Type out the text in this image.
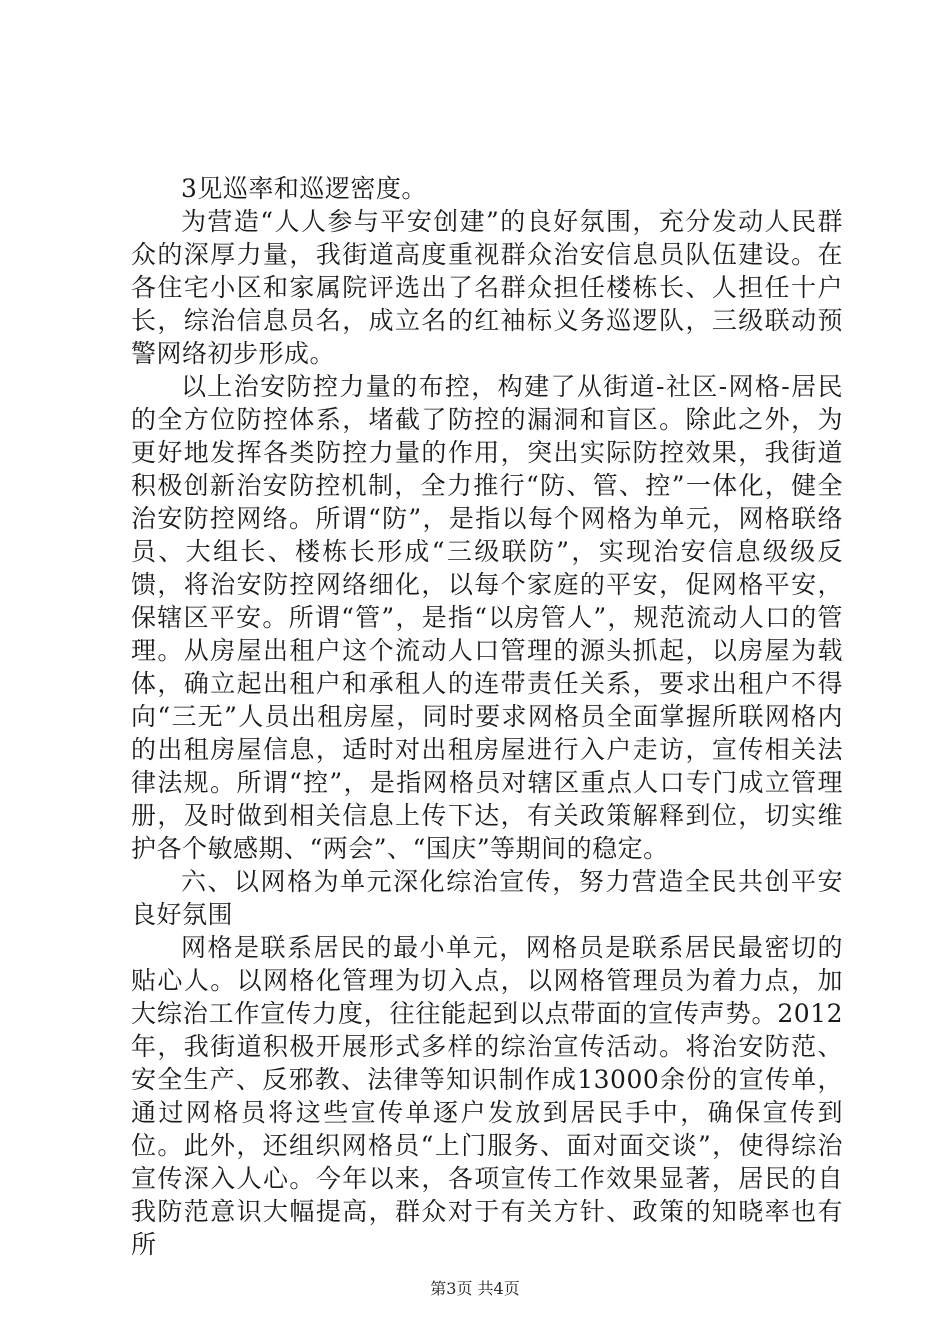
3见巡率和巡逻密度。

为营造“人人参与平安创建”的良好氛围，充分发动人民群众的深厚力量，我街道高度重视群众治安信息员队伍建设。在各住宅小区和家属院评选出了名群众担任楼栋长、人担任十户长，综治信息员名，成立名的红袖标义务巡逻队，三级联动预警网络初步形成。

以上治安防控力量的布控，构建了从街道-社区-网格-居民的全方位防控体系，堵截了防控的漏洞和盲区。除此之外，为更好地发挥各类防控力量的作用，突出实际防控效果，我街道积极创新治安防控机制，全力推行“防、管、控”一体化，健全治安防控网络。所谓“防”，是指以每个网格为单元，网格联络员、大组长、楼栋长形成“三级联防”，实现治安信息级级反馈，将治安防控网络细化，以每个家庭的平安，促网格平安，保辖区平安。所谓“管”，是指“以房管人”，规范流动人口的管理。从房屋出租户这个流动人口管理的源头抓起，以房屋为载体，确立起出租户和承租人的连带责任关系，要求出租户不得向“三无”人员出租房屋，同时要求网格员全面掌握所联网格内的出租房屋信息，适时对出租房屋进行入户走访，宣传相关法律法规。所谓“控”，是指网格员对辖区重点人口专门成立管理册，及时做到相关信息上传下达，有关政策解释到位，切实维护各个敏感期、“两会”、“国庆”等期间的稳定。

六、以网格为单元深化综治宣传，努力营造全民共创平安良好氛围

网格是联系居民的最小单元，网格员是联系居民最密切的贴心人。以网格化管理为切入点，以网格管理员为着力点，加大综治工作宣传力度，往往能起到以点带面的宣传声势。2012年，我街道积极开展形式多样的综治宣传活动。将治安防范、安全生产、反邪教、法律等知识制作成13000余份的宣传单，通过网格员将这些宣传单逐户发放到居民手中，确保宣传到位。此外，还组织网格员“上门服务、面对面交谈”，使得综治宣传深入人心。今年以来，各项宣传工作效果显著，居民的自我防范意识大幅提高，群众对于有关方针、政策的知晓率也有所

第3页 共4页
